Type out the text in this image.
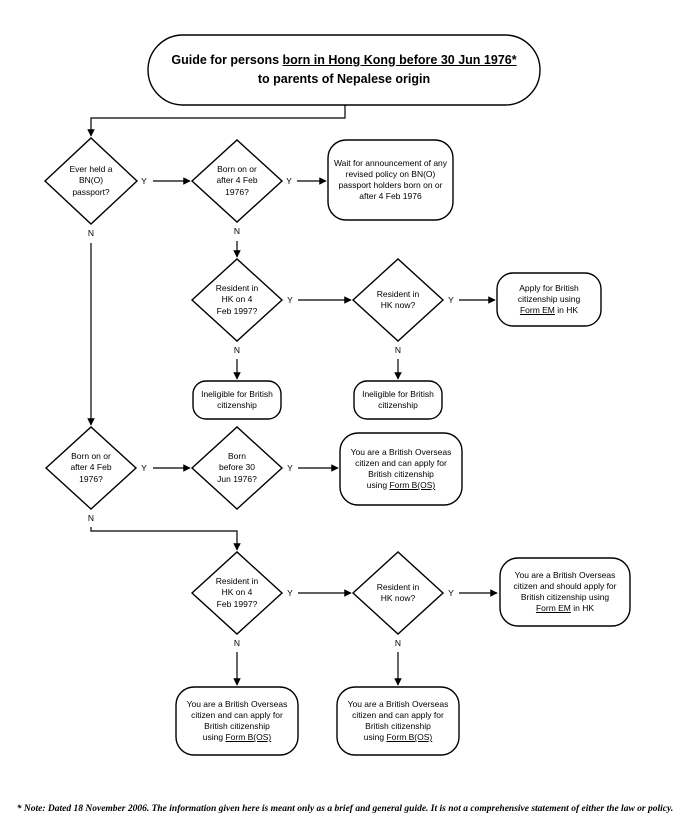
Guide for persons born in Hong Kong before 30 Jun 1976*
to parents of Nepalese origin
Ever held a
BN(O)
passport?
Born on or
after 4 Feb
1976?
Resident in
HK on 4
Feb 1997?
Resident in
HK now?
Born on or
after 4 Feb
1976?
Born
before 30
Jun 1976?
Resident in
HK on 4
Feb 1997?
Resident in
HK now?
Wait for announcement of any
revised policy on BN(O)
passport holders born on or
after 4 Feb 1976
Apply for British
citizenship using
Form EM in HK
Ineligible for British
citizenship
Ineligible for British
citizenship
You are a British Overseas
citizen and can apply for
British citizenship
using Form B(OS)
You are a British Overseas
citizen and should apply for
British citizenship using
Form EM in HK
You are a British Overseas
citizen and can apply for
British citizenship
using Form B(OS)
You are a British Overseas
citizen and can apply for
British citizenship
using Form B(OS)
Y	Y
N
Y	Y
N	N
N
Y	Y
N
Y	Y
N	N
* Note: Dated 18 November 2006. The information given here is meant only as a brief and general guide. It is not a comprehensive statement of either the law or policy.
